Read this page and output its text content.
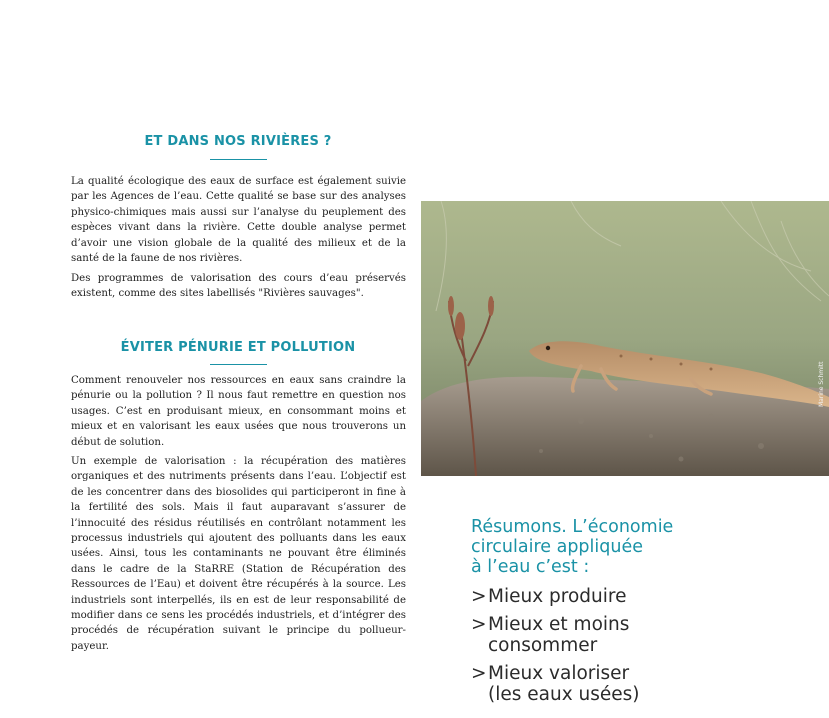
ET DANS NOS RIVIÈRES ?

La qualité écologique des eaux de surface est également suivie par les Agences de l’eau. Cette qualité se base sur des analyses physico-chimiques mais aussi sur l’analyse du peuplement des espèces vivant dans la rivière. Cette double analyse permet d’avoir une vision globale de la qualité des milieux et de la santé de la faune de nos rivières.

Des programmes de valorisation des cours d’eau préservés existent, comme des sites labellisés "Rivières sauvages".

ÉVITER PÉNURIE ET POLLUTION

Comment renouveler nos ressources en eaux sans craindre la pénurie ou la pollution ? Il nous faut remettre en question nos usages. C’est en produisant mieux, en consommant moins et mieux et en valorisant les eaux usées que nous trouverons un début de solution.

Un exemple de valorisation : la récupération des matières organiques et des nutriments présents dans l’eau. L’objectif est de les concentrer dans des biosolides qui participeront in fine à la fertilité des sols. Mais il faut auparavant s’assurer de l’innocuité des résidus réutilisés en contrôlant notamment les processus industriels qui ajoutent des polluants dans les eaux usées. Ainsi, tous les contaminants ne pouvant être éliminés dans le cadre de la StaRRE (Station de Récupération des Ressources de l’Eau) et doivent être récupérés à la source. Les industriels sont interpellés, ils en est de leur responsabilité de modifier dans ce sens les procédés industriels, et d’intégrer des procédés de récupération suivant le principe du pollueur-payeur.

Marine Schmitt

Résumons. L’économie
circulaire appliquée
à l’eau c’est :

> Mieux produire
> Mieux et moins
consommer
> Mieux valoriser
(les eaux usées)
